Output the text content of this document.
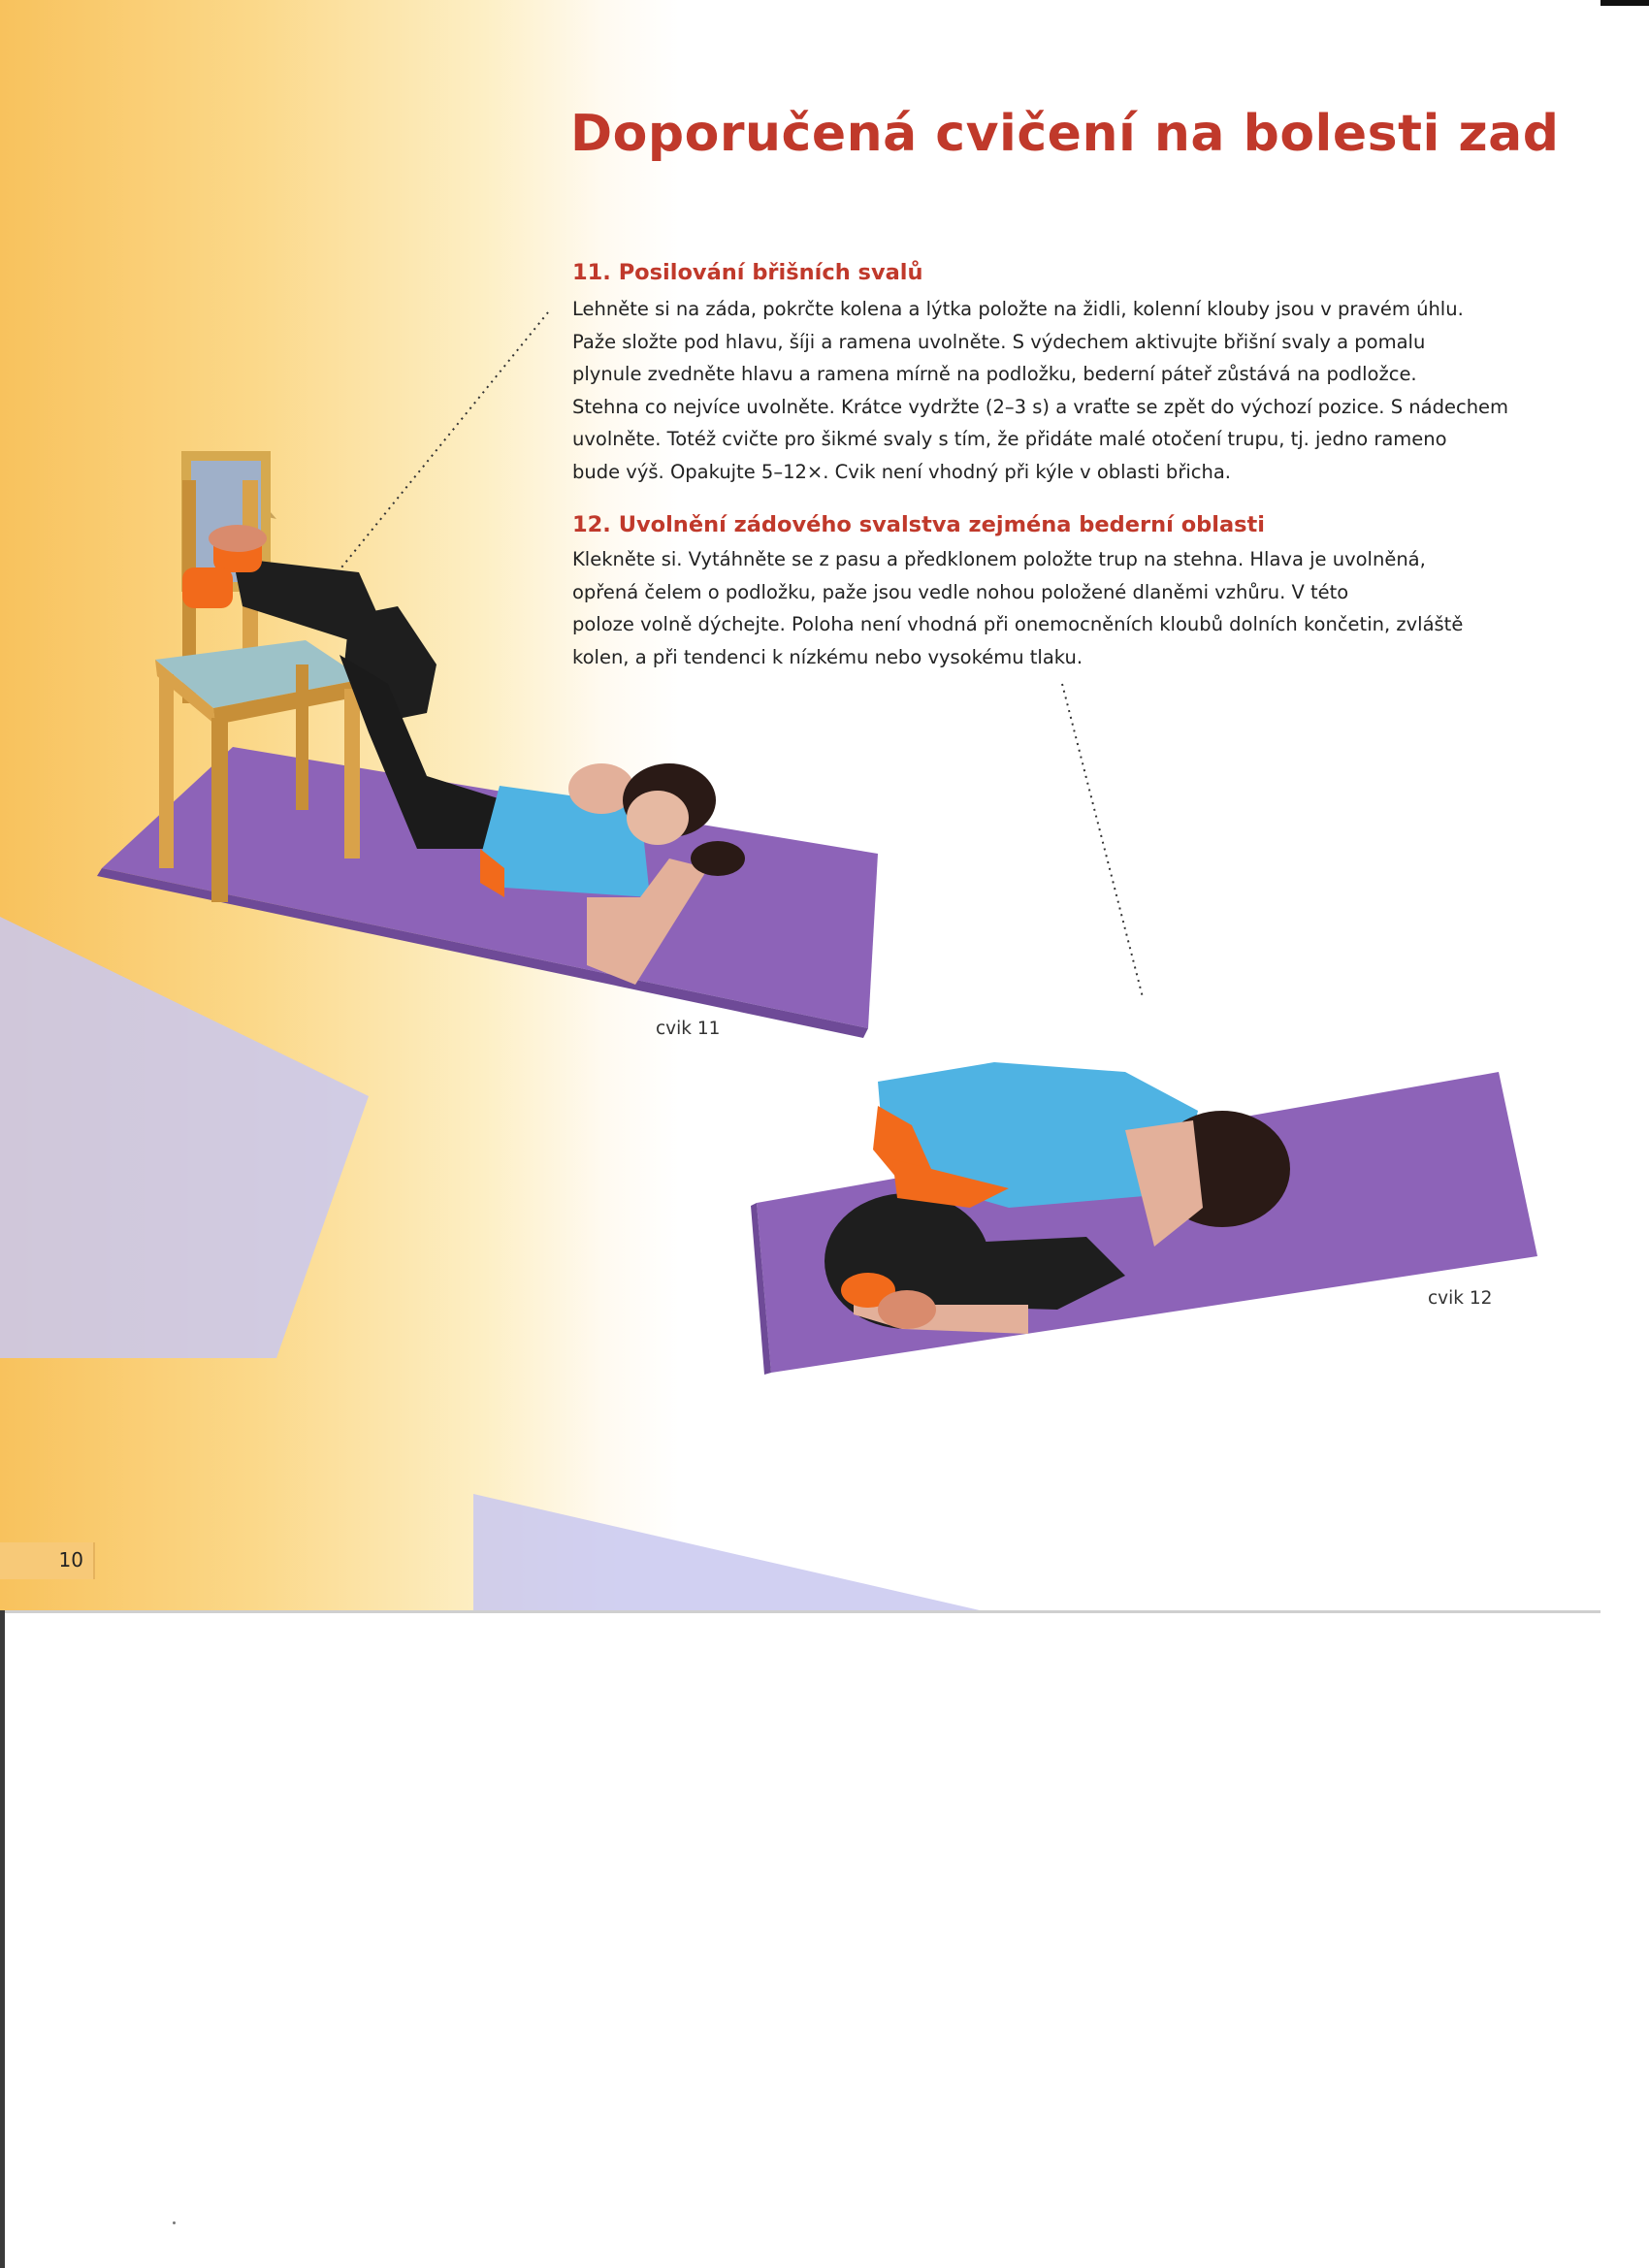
Doporučená cvičení na bolesti zad
11. Posilování břišních svalů

Lehněte si na záda, pokrčte kolena a lýtka položte na židli, kolenní klouby jsou v pravém úhlu.
Paže složte pod hlavu, šíji a ramena uvolněte. S výdechem aktivujte břišní svaly a pomalu
plynule zvedněte hlavu a ramena mírně na podložku, bederní páteř zůstává na podložce.
Stehna co nejvíce uvolněte. Krátce vydržte (2–3 s) a vraťte se zpět do výchozí pozice. S nádechem
uvolněte. Totéž cvičte pro šikmé svaly s tím, že přidáte malé otočení trupu, tj. jedno rameno
bude výš. Opakujte 5–12×. Cvik není vhodný při kýle v oblasti břicha.

12. Uvolnění zádového svalstva zejména bederní oblasti

Klekněte si. Vytáhněte se z pasu a předklonem položte trup na stehna. Hlava je uvolněná,
opřená čelem o podložku, paže jsou vedle nohou položené dlaněmi vzhůru. V této
poloze volně dýchejte. Poloha není vhodná při onemocněních kloubů dolních končetin, zvláště
kolen, a při tendenci k nízkému nebo vysokému tlaku.

cvik 11

cvik 12

10
